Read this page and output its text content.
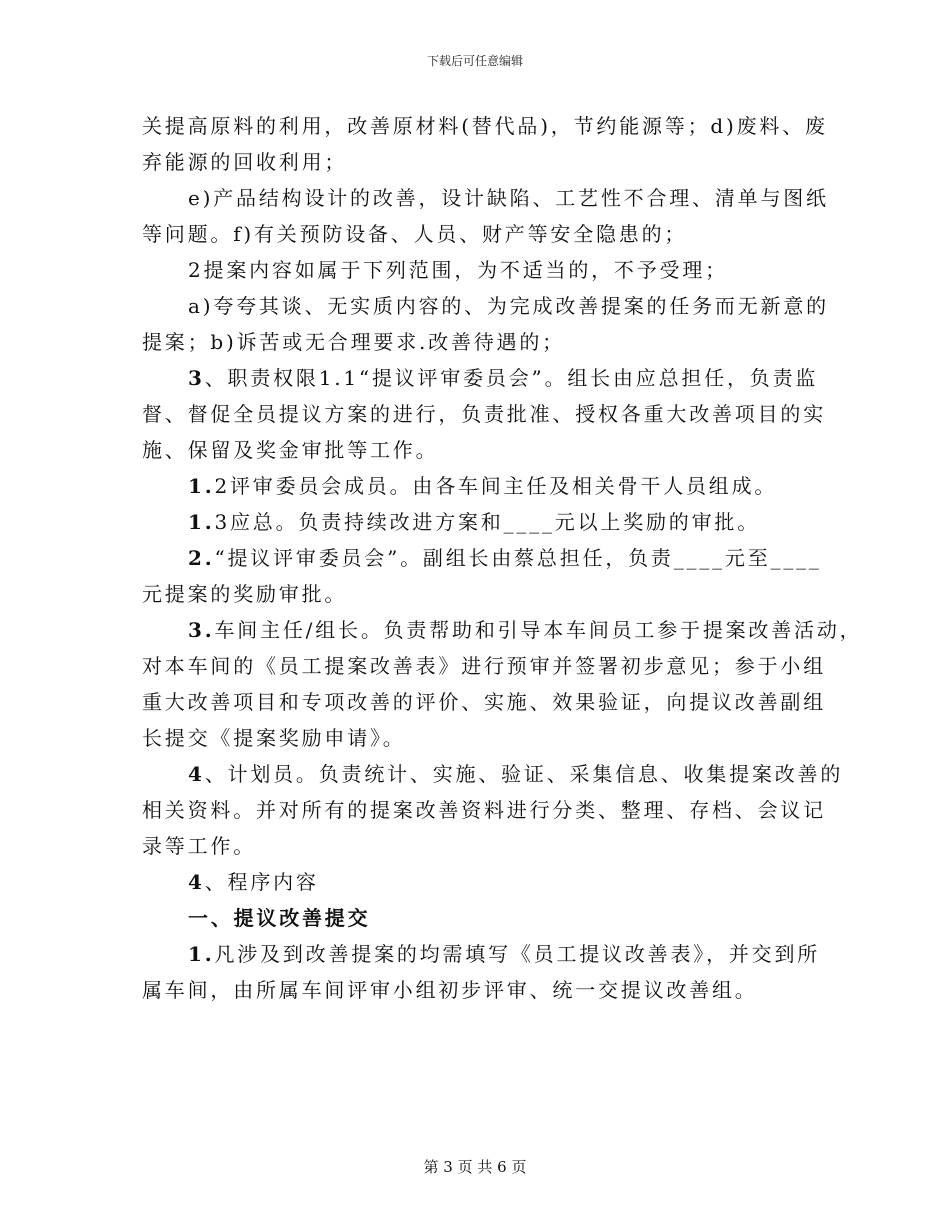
下载后可任意编辑

关提高原料的利用，改善原材料(替代品)，节约能源等；d)废料、废

弃能源的回收利用；

e)产品结构设计的改善，设计缺陷、工艺性不合理、清单与图纸

等问题。f)有关预防设备、人员、财产等安全隐患的；

2提案内容如属于下列范围，为不适当的，不予受理；

a)夸夸其谈、无实质内容的、为完成改善提案的任务而无新意的

提案；b)诉苦或无合理要求.改善待遇的；

3、职责权限1.1“提议评审委员会”。组长由应总担任，负责监

督、督促全员提议方案的进行，负责批准、授权各重大改善项目的实

施、保留及奖金审批等工作。

1.2评审委员会成员。由各车间主任及相关骨干人员组成。

1.3应总。负责持续改进方案和____元以上奖励的审批。

2.“提议评审委员会”。副组长由蔡总担任，负责____元至____

元提案的奖励审批。

3.车间主任/组长。负责帮助和引导本车间员工参于提案改善活动，

对本车间的《员工提案改善表》进行预审并签署初步意见；参于小组

重大改善项目和专项改善的评价、实施、效果验证，向提议改善副组

长提交《提案奖励申请》。

4、计划员。负责统计、实施、验证、采集信息、收集提案改善的

相关资料。并对所有的提案改善资料进行分类、整理、存档、会议记

录等工作。

4、程序内容

一、提议改善提交

1.凡涉及到改善提案的均需填写《员工提议改善表》，并交到所

属车间，由所属车间评审小组初步评审、统一交提议改善组。

第 3 页 共 6 页
